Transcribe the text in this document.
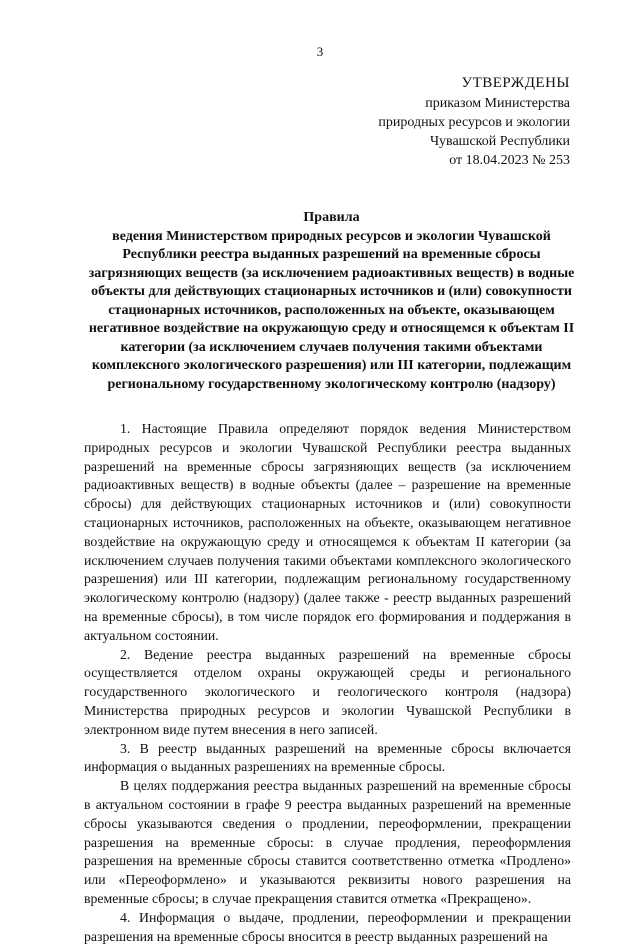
3
УТВЕРЖДЕНЫ
приказом Министерства
природных ресурсов и экологии
Чувашской Республики
от 18.04.2023 № 253
Правила
ведения Министерством природных ресурсов и экологии Чувашской Республики реестра выданных разрешений на временные сбросы загрязняющих веществ (за исключением радиоактивных веществ) в водные объекты для действующих стационарных источников и (или) совокупности стационарных источников, расположенных на объекте, оказывающем негативное воздействие на окружающую среду и относящемся к объектам II категории (за исключением случаев получения такими объектами комплексного экологического разрешения) или III категории, подлежащим региональному государственному экологическому контролю (надзору)

1. Настоящие Правила определяют порядок ведения Министерством природных ресурсов и экологии Чувашской Республики реестра выданных разрешений на временные сбросы загрязняющих веществ (за исключением радиоактивных веществ) в водные объекты (далее – разрешение на временные сбросы) для действующих стационарных источников и (или) совокупности стационарных источников, расположенных на объекте, оказывающем негативное воздействие на окружающую среду и относящемся к объектам II категории (за исключением случаев получения такими объектами комплексного экологического разрешения) или III категории, подлежащим региональному государственному экологическому контролю (надзору) (далее также - реестр выданных разрешений на временные сбросы), в том числе порядок его формирования и поддержания в актуальном состоянии.

2. Ведение реестра выданных разрешений на временные сбросы осуществляется отделом охраны окружающей среды и регионального государственного экологического и геологического контроля (надзора) Министерства природных ресурсов и экологии Чувашской Республики в электронном виде путем внесения в него записей.

3. В реестр выданных разрешений на временные сбросы включается информация о выданных разрешениях на временные сбросы.

В целях поддержания реестра выданных разрешений на временные сбросы в актуальном состоянии в графе 9 реестра выданных разрешений на временные сбросы указываются сведения о продлении, переоформлении, прекращении разрешения на временные сбросы: в случае продления, переоформления разрешения на временные сбросы ставится соответственно отметка «Продлено» или «Переоформлено» и указываются реквизиты нового разрешения на временные сбросы; в случае прекращения ставится отметка «Прекращено».

4. Информация о выдаче, продлении, переоформлении и прекращении разрешения на временные сбросы вносится в реестр выданных разрешений на
